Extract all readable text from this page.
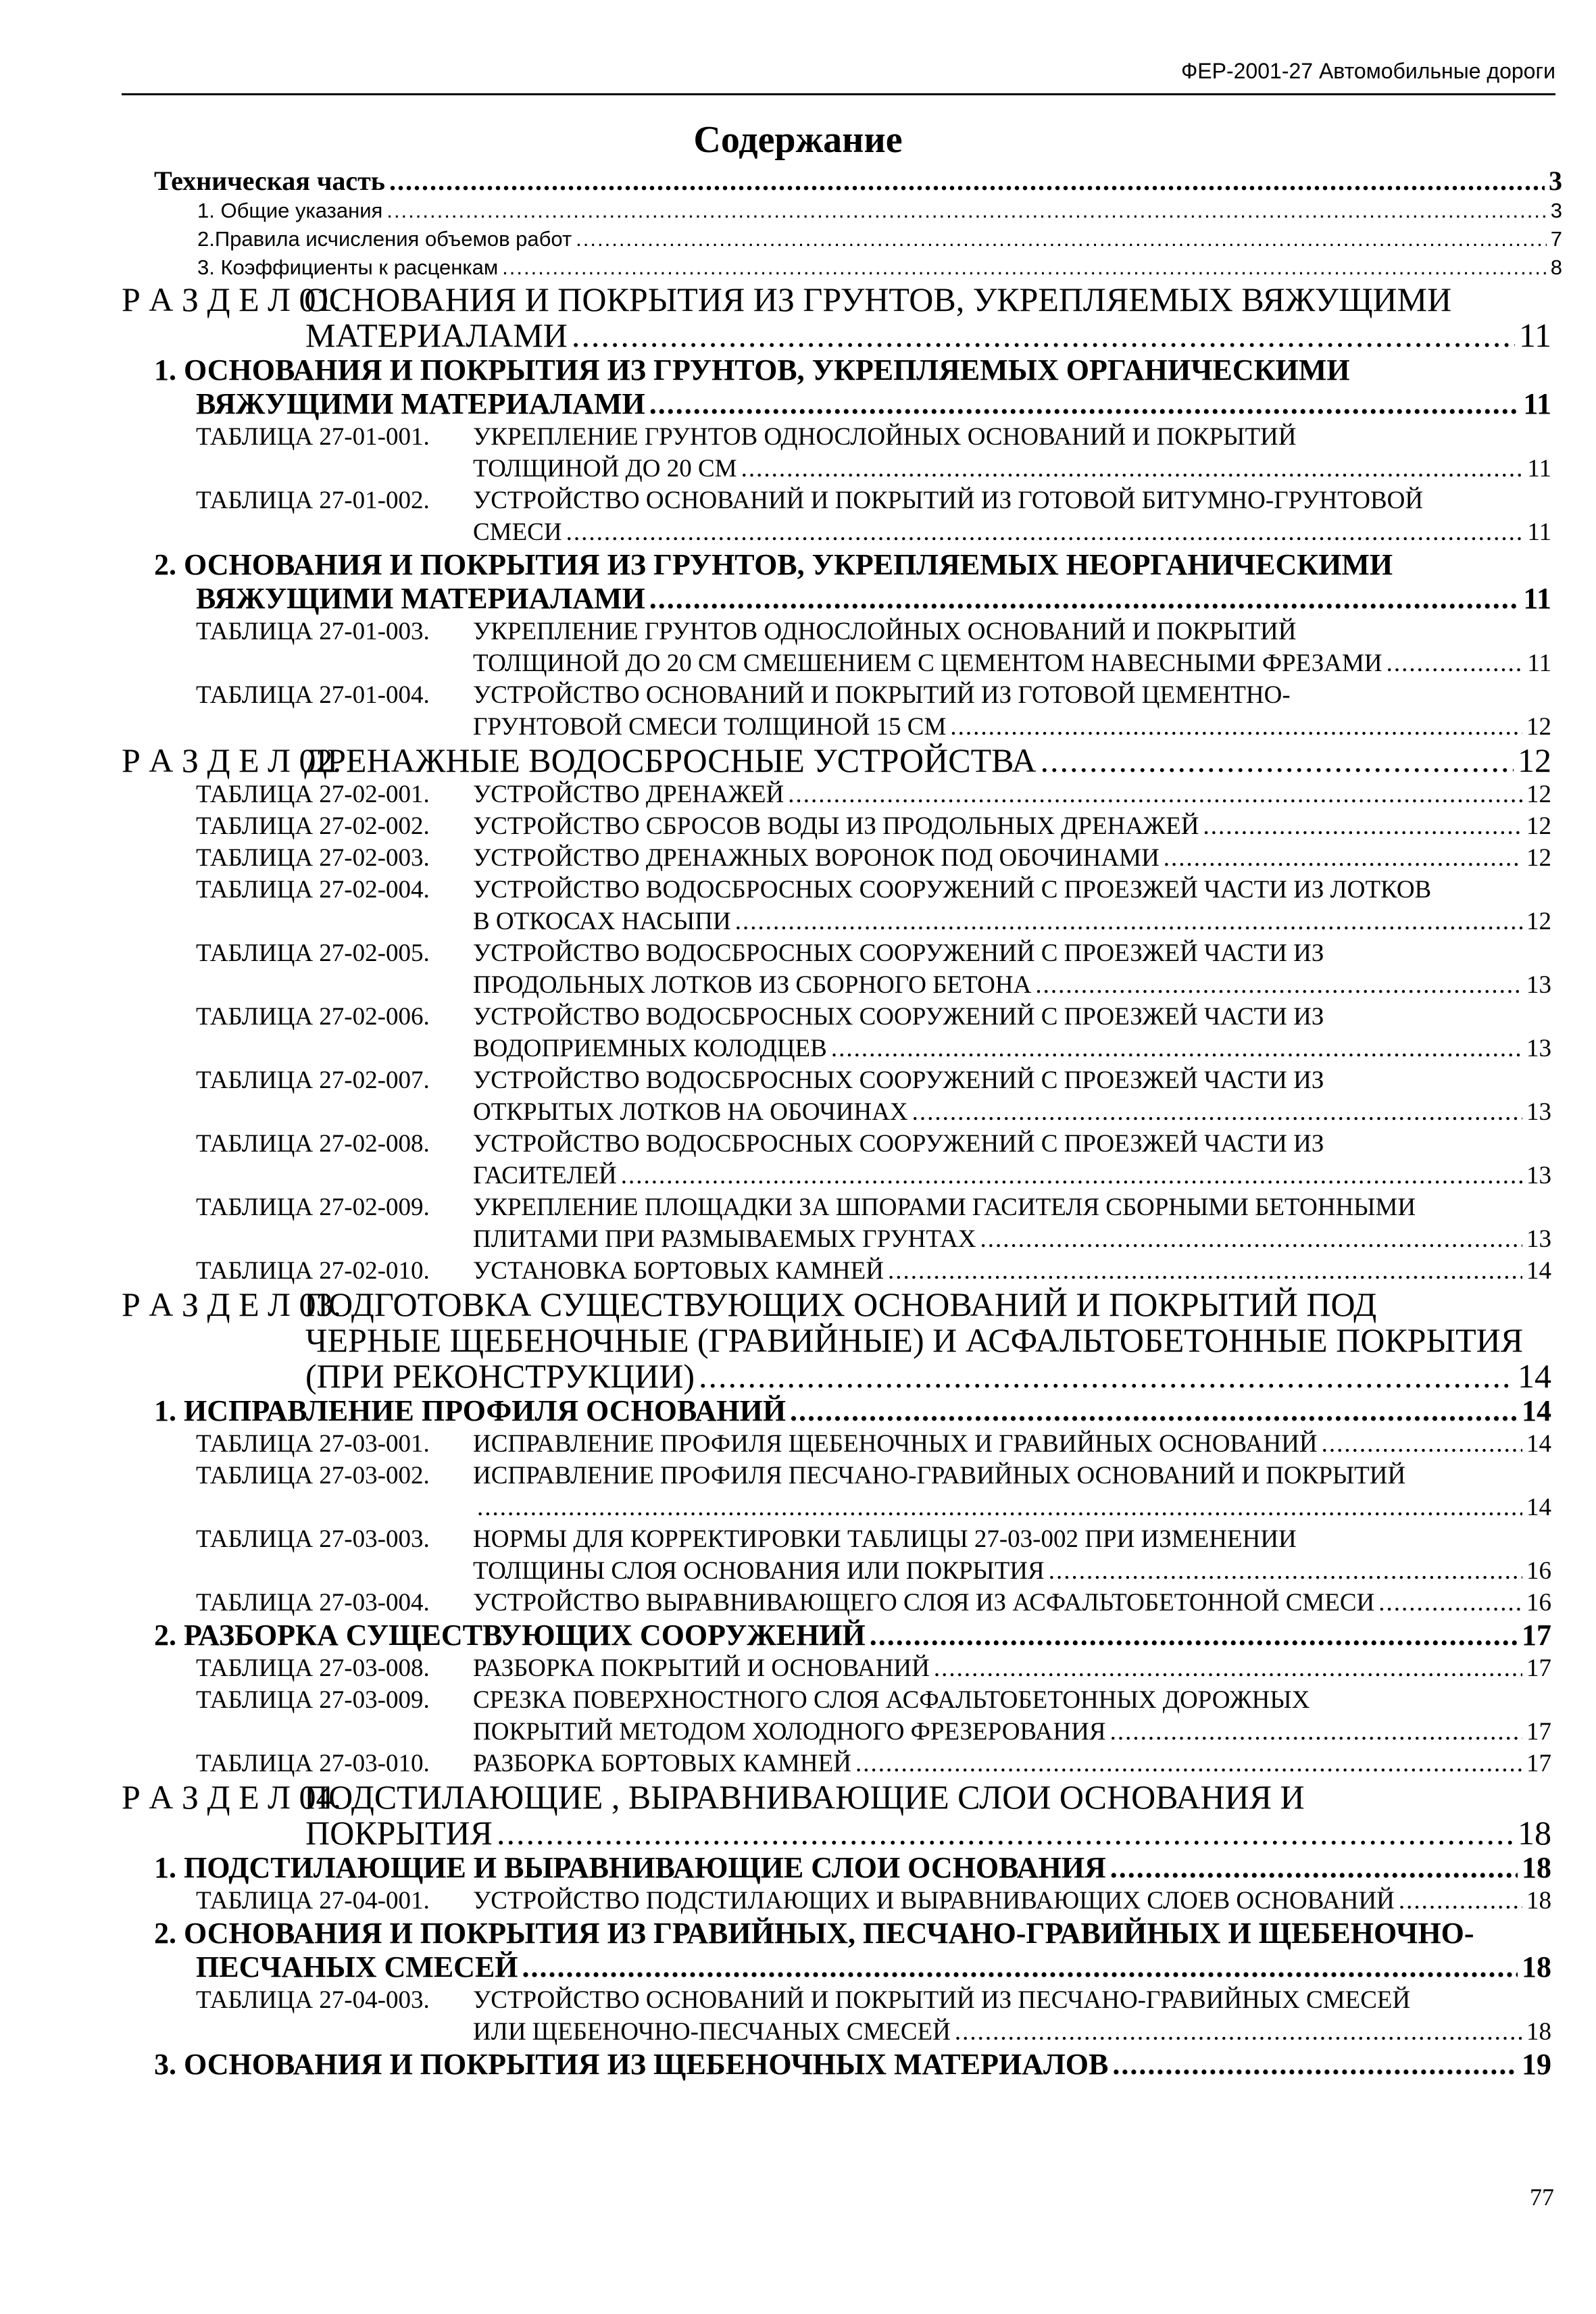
ФЕР-2001-27 Автомобильные дороги
Содержание
Техническая часть .....	3
1. Общие указания .....	3
2.Правила исчисления объемов работ .....	7
3. Коэффициенты к расценкам .....	8
Р А З Д Е Л 01.
ОСНОВАНИЯ И ПОКРЫТИЯ ИЗ ГРУНТОВ, УКРЕПЛЯЕМЫХ ВЯЖУЩИМИ
МАТЕРИАЛАМИ .....	11
1. ОСНОВАНИЯ И ПОКРЫТИЯ ИЗ ГРУНТОВ, УКРЕПЛЯЕМЫХ ОРГАНИЧЕСКИМИ
ВЯЖУЩИМИ МАТЕРИАЛАМИ .....	11
ТАБЛИЦА 27-01-001.	УКРЕПЛЕНИЕ ГРУНТОВ ОДНОСЛОЙНЫХ ОСНОВАНИЙ И ПОКРЫТИЙ
ТОЛЩИНОЙ ДО 20 СМ .....	11
ТАБЛИЦА 27-01-002.	УСТРОЙСТВО ОСНОВАНИЙ И ПОКРЫТИЙ ИЗ ГОТОВОЙ БИТУМНО-ГРУНТОВОЙ
СМЕСИ .....	11
2. ОСНОВАНИЯ И ПОКРЫТИЯ ИЗ ГРУНТОВ, УКРЕПЛЯЕМЫХ НЕОРГАНИЧЕСКИМИ
ВЯЖУЩИМИ МАТЕРИАЛАМИ .....	11
ТАБЛИЦА 27-01-003.	УКРЕПЛЕНИЕ ГРУНТОВ ОДНОСЛОЙНЫХ ОСНОВАНИЙ И ПОКРЫТИЙ
ТОЛЩИНОЙ ДО 20 СМ СМЕШЕНИЕМ С ЦЕМЕНТОМ НАВЕСНЫМИ ФРЕЗАМИ .....	11
ТАБЛИЦА 27-01-004.	УСТРОЙСТВО ОСНОВАНИЙ И ПОКРЫТИЙ ИЗ ГОТОВОЙ ЦЕМЕНТНО-
ГРУНТОВОЙ СМЕСИ ТОЛЩИНОЙ 15 СМ .....	12
Р А З Д Е Л 02.
ДРЕНАЖНЫЕ ВОДОСБРОСНЫЕ УСТРОЙСТВА .....	12
ТАБЛИЦА 27-02-001.	УСТРОЙСТВО ДРЕНАЖЕЙ .....	12
ТАБЛИЦА 27-02-002.	УСТРОЙСТВО СБРОСОВ ВОДЫ ИЗ ПРОДОЛЬНЫХ ДРЕНАЖЕЙ .....	12
ТАБЛИЦА 27-02-003.	УСТРОЙСТВО ДРЕНАЖНЫХ ВОРОНОК ПОД ОБОЧИНАМИ .....	12
ТАБЛИЦА 27-02-004.	УСТРОЙСТВО ВОДОСБРОСНЫХ СООРУЖЕНИЙ С ПРОЕЗЖЕЙ ЧАСТИ ИЗ ЛОТКОВ
В ОТКОСАХ НАСЫПИ .....	12
ТАБЛИЦА 27-02-005.	УСТРОЙСТВО ВОДОСБРОСНЫХ СООРУЖЕНИЙ С ПРОЕЗЖЕЙ ЧАСТИ ИЗ
ПРОДОЛЬНЫХ ЛОТКОВ ИЗ СБОРНОГО БЕТОНА .....	13
ТАБЛИЦА 27-02-006.	УСТРОЙСТВО ВОДОСБРОСНЫХ СООРУЖЕНИЙ С ПРОЕЗЖЕЙ ЧАСТИ ИЗ
ВОДОПРИЕМНЫХ КОЛОДЦЕВ .....	13
ТАБЛИЦА 27-02-007.	УСТРОЙСТВО ВОДОСБРОСНЫХ СООРУЖЕНИЙ С ПРОЕЗЖЕЙ ЧАСТИ ИЗ
ОТКРЫТЫХ ЛОТКОВ НА ОБОЧИНАХ .....	13
ТАБЛИЦА 27-02-008.	УСТРОЙСТВО ВОДОСБРОСНЫХ СООРУЖЕНИЙ С ПРОЕЗЖЕЙ ЧАСТИ ИЗ
ГАСИТЕЛЕЙ .....	13
ТАБЛИЦА 27-02-009.	УКРЕПЛЕНИЕ ПЛОЩАДКИ ЗА ШПОРАМИ ГАСИТЕЛЯ СБОРНЫМИ БЕТОННЫМИ
ПЛИТАМИ ПРИ РАЗМЫВАЕМЫХ ГРУНТАХ .....	13
ТАБЛИЦА 27-02-010.	УСТАНОВКА БОРТОВЫХ КАМНЕЙ .....	14
Р А З Д Е Л 03.
ПОДГОТОВКА СУЩЕСТВУЮЩИХ ОСНОВАНИЙ И ПОКРЫТИЙ ПОД
ЧЕРНЫЕ ЩЕБЕНОЧНЫЕ (ГРАВИЙНЫЕ) И АСФАЛЬТОБЕТОННЫЕ ПОКРЫТИЯ
(ПРИ РЕКОНСТРУКЦИИ) .....	14
1. ИСПРАВЛЕНИЕ ПРОФИЛЯ ОСНОВАНИЙ .....	14
ТАБЛИЦА 27-03-001.	ИСПРАВЛЕНИЕ ПРОФИЛЯ ЩЕБЕНОЧНЫХ И ГРАВИЙНЫХ ОСНОВАНИЙ .....	14
ТАБЛИЦА 27-03-002.	ИСПРАВЛЕНИЕ ПРОФИЛЯ ПЕСЧАНО-ГРАВИЙНЫХ ОСНОВАНИЙ И ПОКРЫТИЙ
.....
14
ТАБЛИЦА 27-03-003.	НОРМЫ ДЛЯ КОРРЕКТИРОВКИ ТАБЛИЦЫ 27-03-002 ПРИ ИЗМЕНЕНИИ
ТОЛЩИНЫ СЛОЯ ОСНОВАНИЯ ИЛИ ПОКРЫТИЯ .....	16
ТАБЛИЦА 27-03-004.	УСТРОЙСТВО ВЫРАВНИВАЮЩЕГО СЛОЯ ИЗ АСФАЛЬТОБЕТОННОЙ СМЕСИ .....	16
2. РАЗБОРКА СУЩЕСТВУЮЩИХ СООРУЖЕНИЙ .....	17
ТАБЛИЦА 27-03-008.	РАЗБОРКА ПОКРЫТИЙ И ОСНОВАНИЙ .....	17
ТАБЛИЦА 27-03-009.	СРЕЗКА ПОВЕРХНОСТНОГО СЛОЯ АСФАЛЬТОБЕТОННЫХ ДОРОЖНЫХ
ПОКРЫТИЙ МЕТОДОМ ХОЛОДНОГО ФРЕЗЕРОВАНИЯ .....	17
ТАБЛИЦА 27-03-010.	РАЗБОРКА БОРТОВЫХ КАМНЕЙ .....	17
Р А З Д Е Л 04.
ПОДСТИЛАЮЩИЕ , ВЫРАВНИВАЮЩИЕ СЛОИ ОСНОВАНИЯ И
ПОКРЫТИЯ .....	18
1. ПОДСТИЛАЮЩИЕ И ВЫРАВНИВАЮЩИЕ СЛОИ ОСНОВАНИЯ .....	18
ТАБЛИЦА 27-04-001.	УСТРОЙСТВО ПОДСТИЛАЮЩИХ И ВЫРАВНИВАЮЩИХ СЛОЕВ ОСНОВАНИЙ .....	18
2. ОСНОВАНИЯ И ПОКРЫТИЯ ИЗ ГРАВИЙНЫХ, ПЕСЧАНО-ГРАВИЙНЫХ И ЩЕБЕНОЧНО-
ПЕСЧАНЫХ СМЕСЕЙ .....	18
ТАБЛИЦА 27-04-003.	УСТРОЙСТВО ОСНОВАНИЙ И ПОКРЫТИЙ ИЗ ПЕСЧАНО-ГРАВИЙНЫХ СМЕСЕЙ
ИЛИ ЩЕБЕНОЧНО-ПЕСЧАНЫХ СМЕСЕЙ .....	18
3. ОСНОВАНИЯ И ПОКРЫТИЯ ИЗ ЩЕБЕНОЧНЫХ МАТЕРИАЛОВ .....	19
77
